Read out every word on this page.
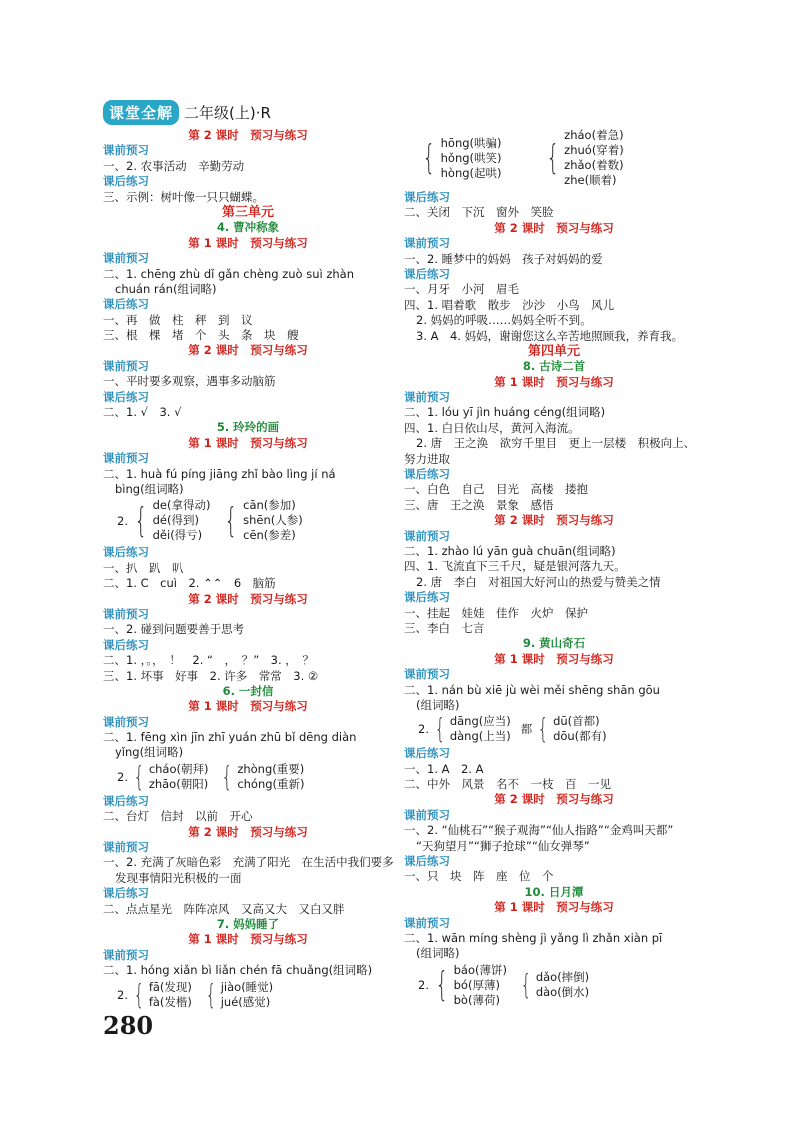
课堂全解 二年级(上)·R
第 2 课时　预习与练习
课前预习
一、2. 农事活动　辛勤劳动
课后练习
三、示例：树叶像一只只蝴蝶。
第三单元
4. 曹冲称象
第 1 课时　预习与练习
课前预习
二、1. chēng zhù dǐ gǎn chèng zuò suì zhàn
chuán rán(组词略)
课后练习
一、再　做　柱　秤　到　议
三、根　棵　堵　个　头　条　块　艘
第 2 课时　预习与练习
课前预习
一、平时要多观察，遇事多动脑筋
课后练习
二、1. √　3. √
5. 玲玲的画
第 1 课时　预习与练习
课前预习
二、1. huà fú píng jiāng zhǐ bào lìng jí ná
bìng(组词略)
2. { de(拿得动)
dé(得到)
děi(得亏) { cān(参加)
shēn(人参)
cēn(参差)
课后练习
一、扒　趴　叭
二、1. C　cuì　2. ⌃⌃　6　脑筋
第 2 课时　预习与练习
课前预习
一、2. 碰到问题要善于思考
课后练习
二、1. ，。，　！　2. “　，　？”　3. ，　？
三、1. 坏事　好事　2. 许多　常常　3. ②
6. 一封信
第 1 课时　预习与练习
课前预习
二、1. fēng xìn jīn zhī yuán zhū bǐ dēng diàn
yǐng(组词略)
2. { cháo(朝拜)
zhāo(朝阳) { zhòng(重要)
chóng(重新)
课后练习
二、台灯　信封　以前　开心
第 2 课时　预习与练习
课前预习
一、2. 充满了灰暗色彩　充满了阳光　在生活中我们要多
发现事情阳光积极的一面
课后练习
二、点点星光　阵阵凉风　又高又大　又白又胖
7. 妈妈睡了
第 1 课时　预习与练习
课前预习
二、1. hóng xiǎn bì liǎn chén fā chuǎng(组词略)
2. { fā(发现)
fà(发楷) { jiào(睡觉)
jué(感觉)
{ hōng(哄骗)
hǒng(哄笑)
hòng(起哄) {
zháo(着急)
zhuó(穿着)
zhǎo(着数)
zhe(顺着)
课后练习
二、关闭　下沉　窗外　笑脸
第 2 课时　预习与练习
课前预习
一、2. 睡梦中的妈妈　孩子对妈妈的爱
课后练习
一、月牙　小河　眉毛
四、1. 唱着歌　散步　沙沙　小鸟　风儿
2. 妈妈的呼吸……妈妈全听不到。
3. A　4. 妈妈，谢谢您这么辛苦地照顾我，养育我。
第四单元
8. 古诗二首
第 1 课时　预习与练习
课前预习
二、1. lóu yī jìn huáng céng(组词略)
四、1. 白日依山尽，黄河入海流。
2. 唐　王之涣　欲穷千里目　更上一层楼　积极向上、
努力进取
课后练习
一、白色　自己　目光　高楼　搂抱
三、唐　王之涣　景象　感悟
第 2 课时　预习与练习
课前预习
二、1. zhào lú yān guà chuān(组词略)
四、1. 飞流直下三千尺，疑是银河落九天。
2. 唐　李白　对祖国大好河山的热爱与赞美之情
课后练习
一、挂起　娃娃　佳作　火炉　保护
三、李白　七言
9. 黄山奇石
第 1 课时　预习与练习
课前预习
二、1. nán bù xiē jù wèi měi shēng shān gōu
(组词略)
2. { dāng(应当)
dàng(上当) 都 { dū(首都)
dōu(都有)
课后练习
一、1. A　2. A
二、中外　风景　名不　一枝　百　一见
第 2 课时　预习与练习
课前预习
一、2. “仙桃石”“猴子观海”“仙人指路”“金鸡叫天都”
“天狗望月”“狮子抢球”“仙女弹琴”
课后练习
一、只　块　阵　座　位　个
10. 日月潭
第 1 课时　预习与练习
课前预习
二、1. wān míng shèng jì yǎng lì zhǎn xiàn pī
(组词略)
2. { báo(薄饼)
bó(厚薄)
bò(薄荷) { dǎo(摔倒)
dào(倒水)
280
